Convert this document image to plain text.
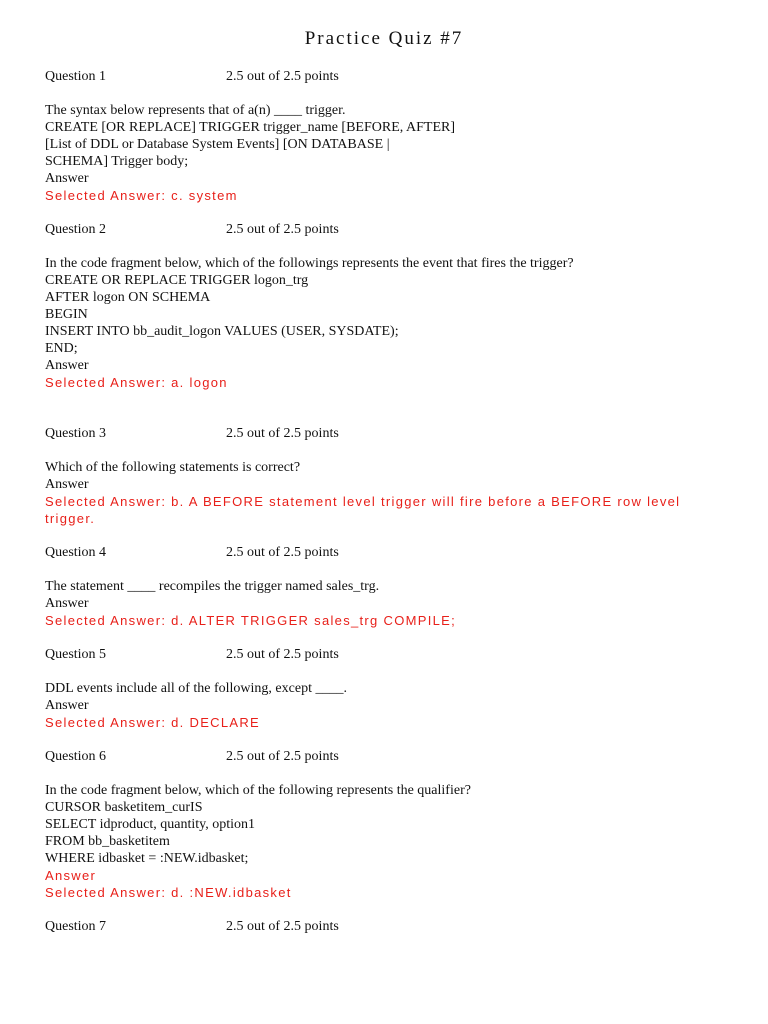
Practice Quiz #7
Question 1	2.5 out of 2.5 points
The syntax below represents that of a(n) ____ trigger.
CREATE [OR REPLACE] TRIGGER trigger_name [BEFORE, AFTER]
[List of DDL or Database System Events] [ON DATABASE |
SCHEMA] Trigger body;
Answer
Selected Answer: c. system
Question 2	2.5 out of 2.5 points
In the code fragment below, which of the followings represents the event that fires the trigger?
CREATE OR REPLACE TRIGGER logon_trg
AFTER logon ON SCHEMA
BEGIN
INSERT INTO bb_audit_logon VALUES (USER, SYSDATE);
END;
Answer
Selected Answer: a. logon
Question 3	2.5 out of 2.5 points
Which of the following statements is correct?
Answer
Selected Answer: b. A BEFORE statement level trigger will fire before a BEFORE row level trigger.
Question 4	2.5 out of 2.5 points
The statement ____ recompiles the trigger named sales_trg.
Answer
Selected Answer: d. ALTER TRIGGER sales_trg COMPILE;
Question 5	2.5 out of 2.5 points
DDL events include all of the following, except ____.
Answer
Selected Answer: d. DECLARE
Question 6	2.5 out of 2.5 points
In the code fragment below, which of the following represents the qualifier?
CURSOR basketitem_curIS
SELECT idproduct, quantity, option1
FROM bb_basketitem
WHERE idbasket = :NEW.idbasket;
Answer
Selected Answer: d. :NEW.idbasket
Question 7	2.5 out of 2.5 points
